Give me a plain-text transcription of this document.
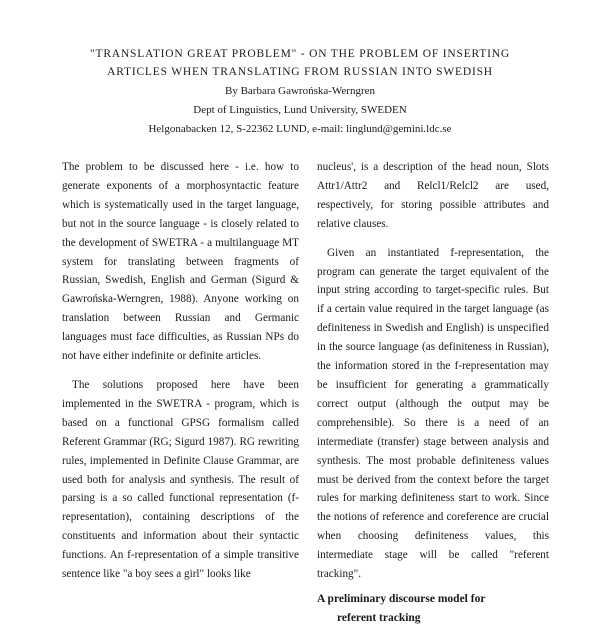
"TRANSLATION GREAT PROBLEM" - ON THE PROBLEM OF INSERTING

ARTICLES WHEN TRANSLATING FROM RUSSIAN INTO SWEDISH

By Barbara Gawrońska-Werngren

Dept of Linguistics, Lund University, SWEDEN

Helgonabacken 12, S-22362 LUND, e-mail: linglund@gemini.ldc.se

The problem to be discussed here - i.e. how to generate exponents of a morphosyntactic feature which is systematically used in the target language, but not in the source language - is closely related to the development of SWETRA - a multilanguage MT system for translating between fragments of Russian, Swedish, English and German (Sigurd & Gawrońska-Werngren, 1988). Anyone working on translation between Russian and Germanic languages must face difficulties, as Russian NPs do not have either indefinite or definite articles.

The solutions proposed here have been implemented in the SWETRA - program, which is based on a functional GPSG formalism called Referent Grammar (RG; Sigurd 1987). RG rewriting rules, implemented in Definite Clause Grammar, are used both for analysis and synthesis. The result of parsing is a so called functional representation (f-representation), containing descriptions of the constituents and information about their syntactic functions. An f-representation of a simple transitive sentence like "a boy sees a girl" looks like

nucleus', is a description of the head noun, Slots Attr1/Attr2 and Relcl1/Relcl2 are used, respectively, for storing possible attributes and relative clauses.

Given an instantiated f-representation, the program can generate the target equivalent of the input string according to target-specific rules. But if a certain value required in the target language (as definiteness in Swedish and English) is unspecified in the source language (as definiteness in Russian), the information stored in the f-representation may be insufficient for generating a grammatically correct output (although the output may be comprehensible). So there is a need of an intermediate (transfer) stage between analysis and synthesis. The most probable definiteness values must be derived from the context before the target rules for marking definiteness start to work. Since the notions of reference and coreference are crucial when choosing definiteness values, this intermediate stage will be called "referent tracking".

A preliminary discourse model for
referent tracking
